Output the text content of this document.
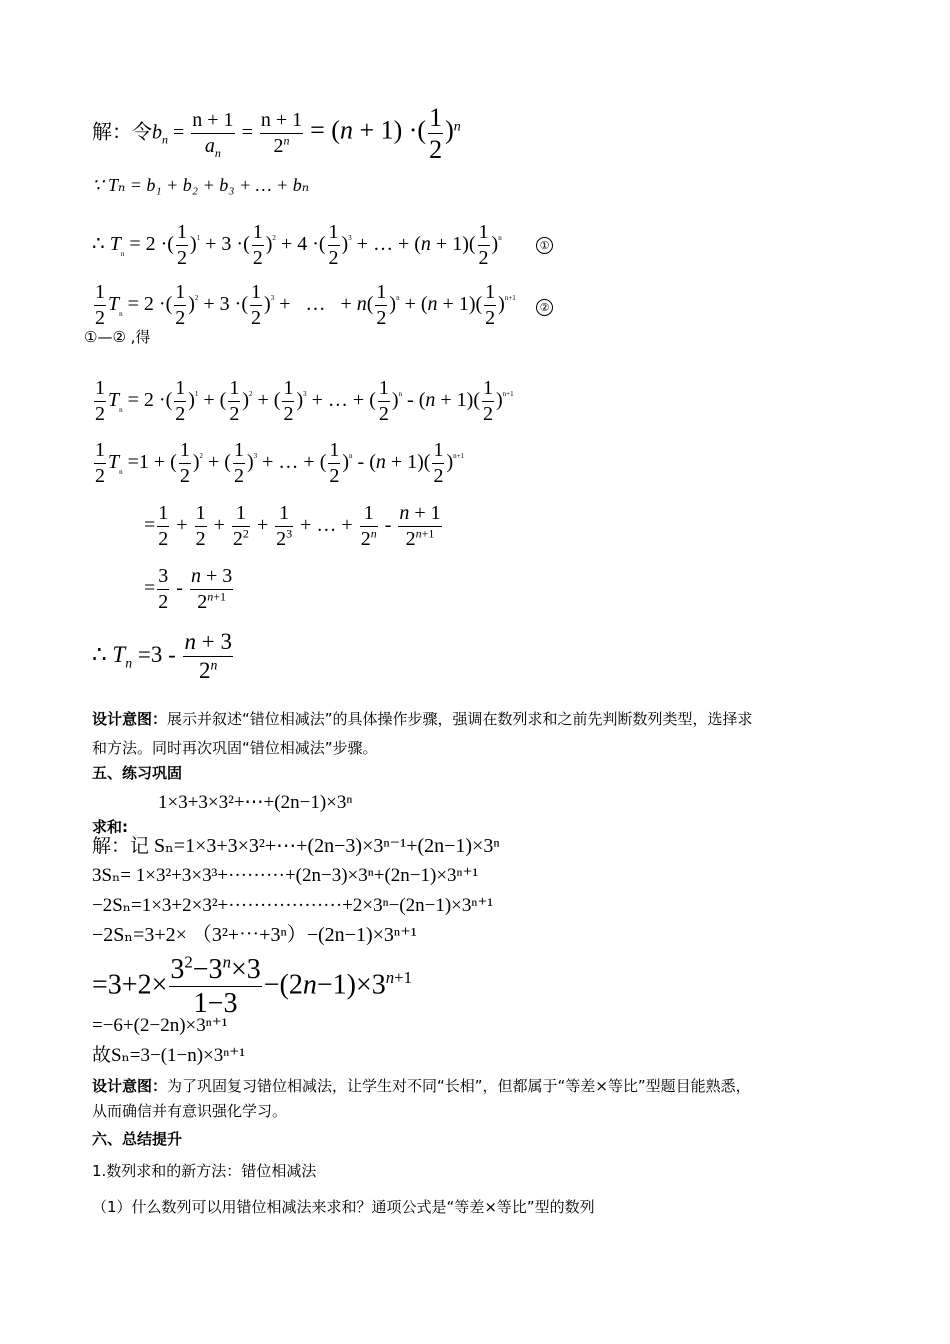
解：令$b_n = \frac{n + 1}{a_n} = \frac{n + 1}{2^n} = (n + 1)$ ·( $\frac{1}{2} )^n$
∵ Tₙ = b₁ + b₂ + b₃ + … + bₙ
∴ $T_n = 2$ ·( $\frac{1}{2} )^1 + 3$ ·( $\frac{1}{2} )^2 + 4$ ·( $\frac{1}{2} )^3$ + … + $(n + 1)( \frac{1}{2} )^n$
①
$\frac{1}{2} T_n = 2$ ·( $\frac{1}{2} )^2 + 3$ ·( $\frac{1}{2} )^3$ +   …   + $n( \frac{1}{2} )^n + (n + 1)( \frac{1}{2} )^{n+1}$
②
①—② ,得
$\frac{1}{2} T_n = 2$ ·( $\frac{1}{2} )^1$ + ( $\frac{1}{2} )^2$ + ( $\frac{1}{2} )^3$ + … + ( $\frac{1}{2} )^n - (n + 1)( \frac{1}{2} )^{n+1}$
$\frac{1}{2} T_n =1$ + ( $\frac{1}{2} )^2$ + ( $\frac{1}{2} )^3$ + … + ( $\frac{1}{2} )^n - (n + 1)( \frac{1}{2} )^{n+1}$
= $\frac{1}{2} + \frac{1}{2} + \frac{1}{2^2} + \frac{1}{2^3}$ + … + $\frac{1}{2^n} - \frac{n + 1}{2^{n+1}}$
= $\frac{3}{2} - \frac{n + 3}{2^{n+1}}$
∴ $T_n =3 - \frac{n + 3}{2^n}$
设计意图：展示并叙述“错位相减法”的具体操作步骤，强调在数列求和之前先判断数列类型，选择求
和方法。同时再次巩固“错位相减法”步骤。
五、练习巩固
1×3+3×3²+⋯+(2n−1)×3ⁿ
求和:
解：记 Sₙ=1×3+3×3²+⋯+(2n−3)×3ⁿ⁻¹+(2n−1)×3ⁿ
3Sₙ= 1×3²+3×3³+·········+(2n−3)×3ⁿ+(2n−1)×3ⁿ⁺¹
−2Sₙ=1×3+2×3²+··················+2×3ⁿ−(2n−1)×3ⁿ⁺¹
−2Sₙ=3+2× （3²+⋯+3ⁿ）−(2n−1)×3ⁿ⁺¹
$=3+2\times \frac{3^2-3^n\times 3}{1-3} -(2n-1)\times 3^{n+1}$
=−6+(2−2n)×3ⁿ⁺¹
故Sₙ=3−(1−n)×3ⁿ⁺¹
设计意图：为了巩固复习错位相减法，让学生对不同“长相”，但都属于“等差×等比”型题目能熟悉，
从而确信并有意识强化学习。
六、总结提升
1.数列求和的新方法：错位相减法
（1）什么数列可以用错位相减法来求和？通项公式是“等差×等比”型的数列
